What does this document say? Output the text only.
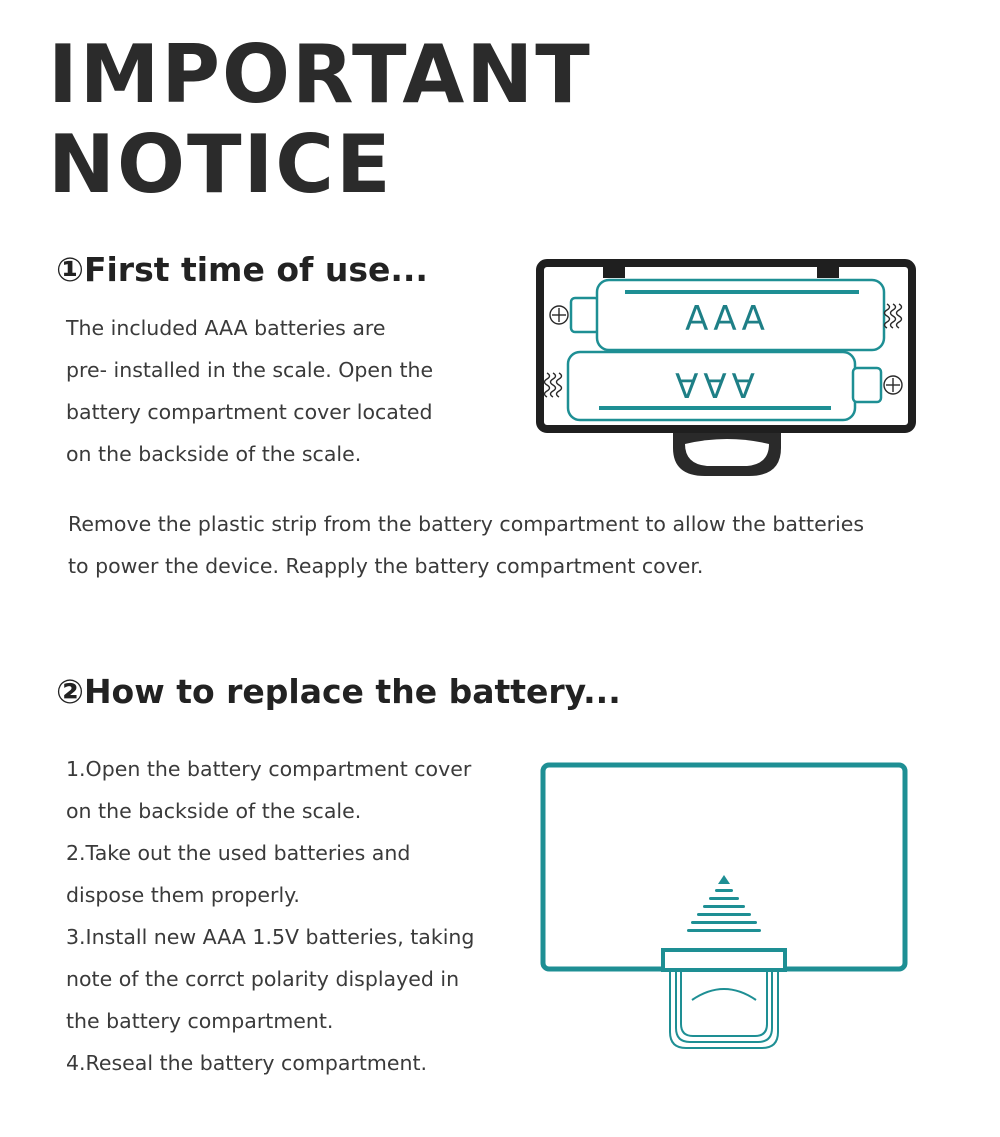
IMPORTANT
NOTICE
①First time of use...
The included AAA batteries are
pre- installed in the scale. Open the
battery compartment cover located
on the backside of the scale.
AAA
AAA
Remove the plastic strip from the battery compartment to allow the batteries
to power the device. Reapply the battery compartment cover.
②How to replace the battery...
1.Open the battery compartment cover
on the backside of the scale.
2.Take out the used batteries and
dispose them properly.
3.Install new AAA 1.5V batteries, taking
note of the corrct polarity displayed in
the battery compartment.
4.Reseal the battery compartment.
